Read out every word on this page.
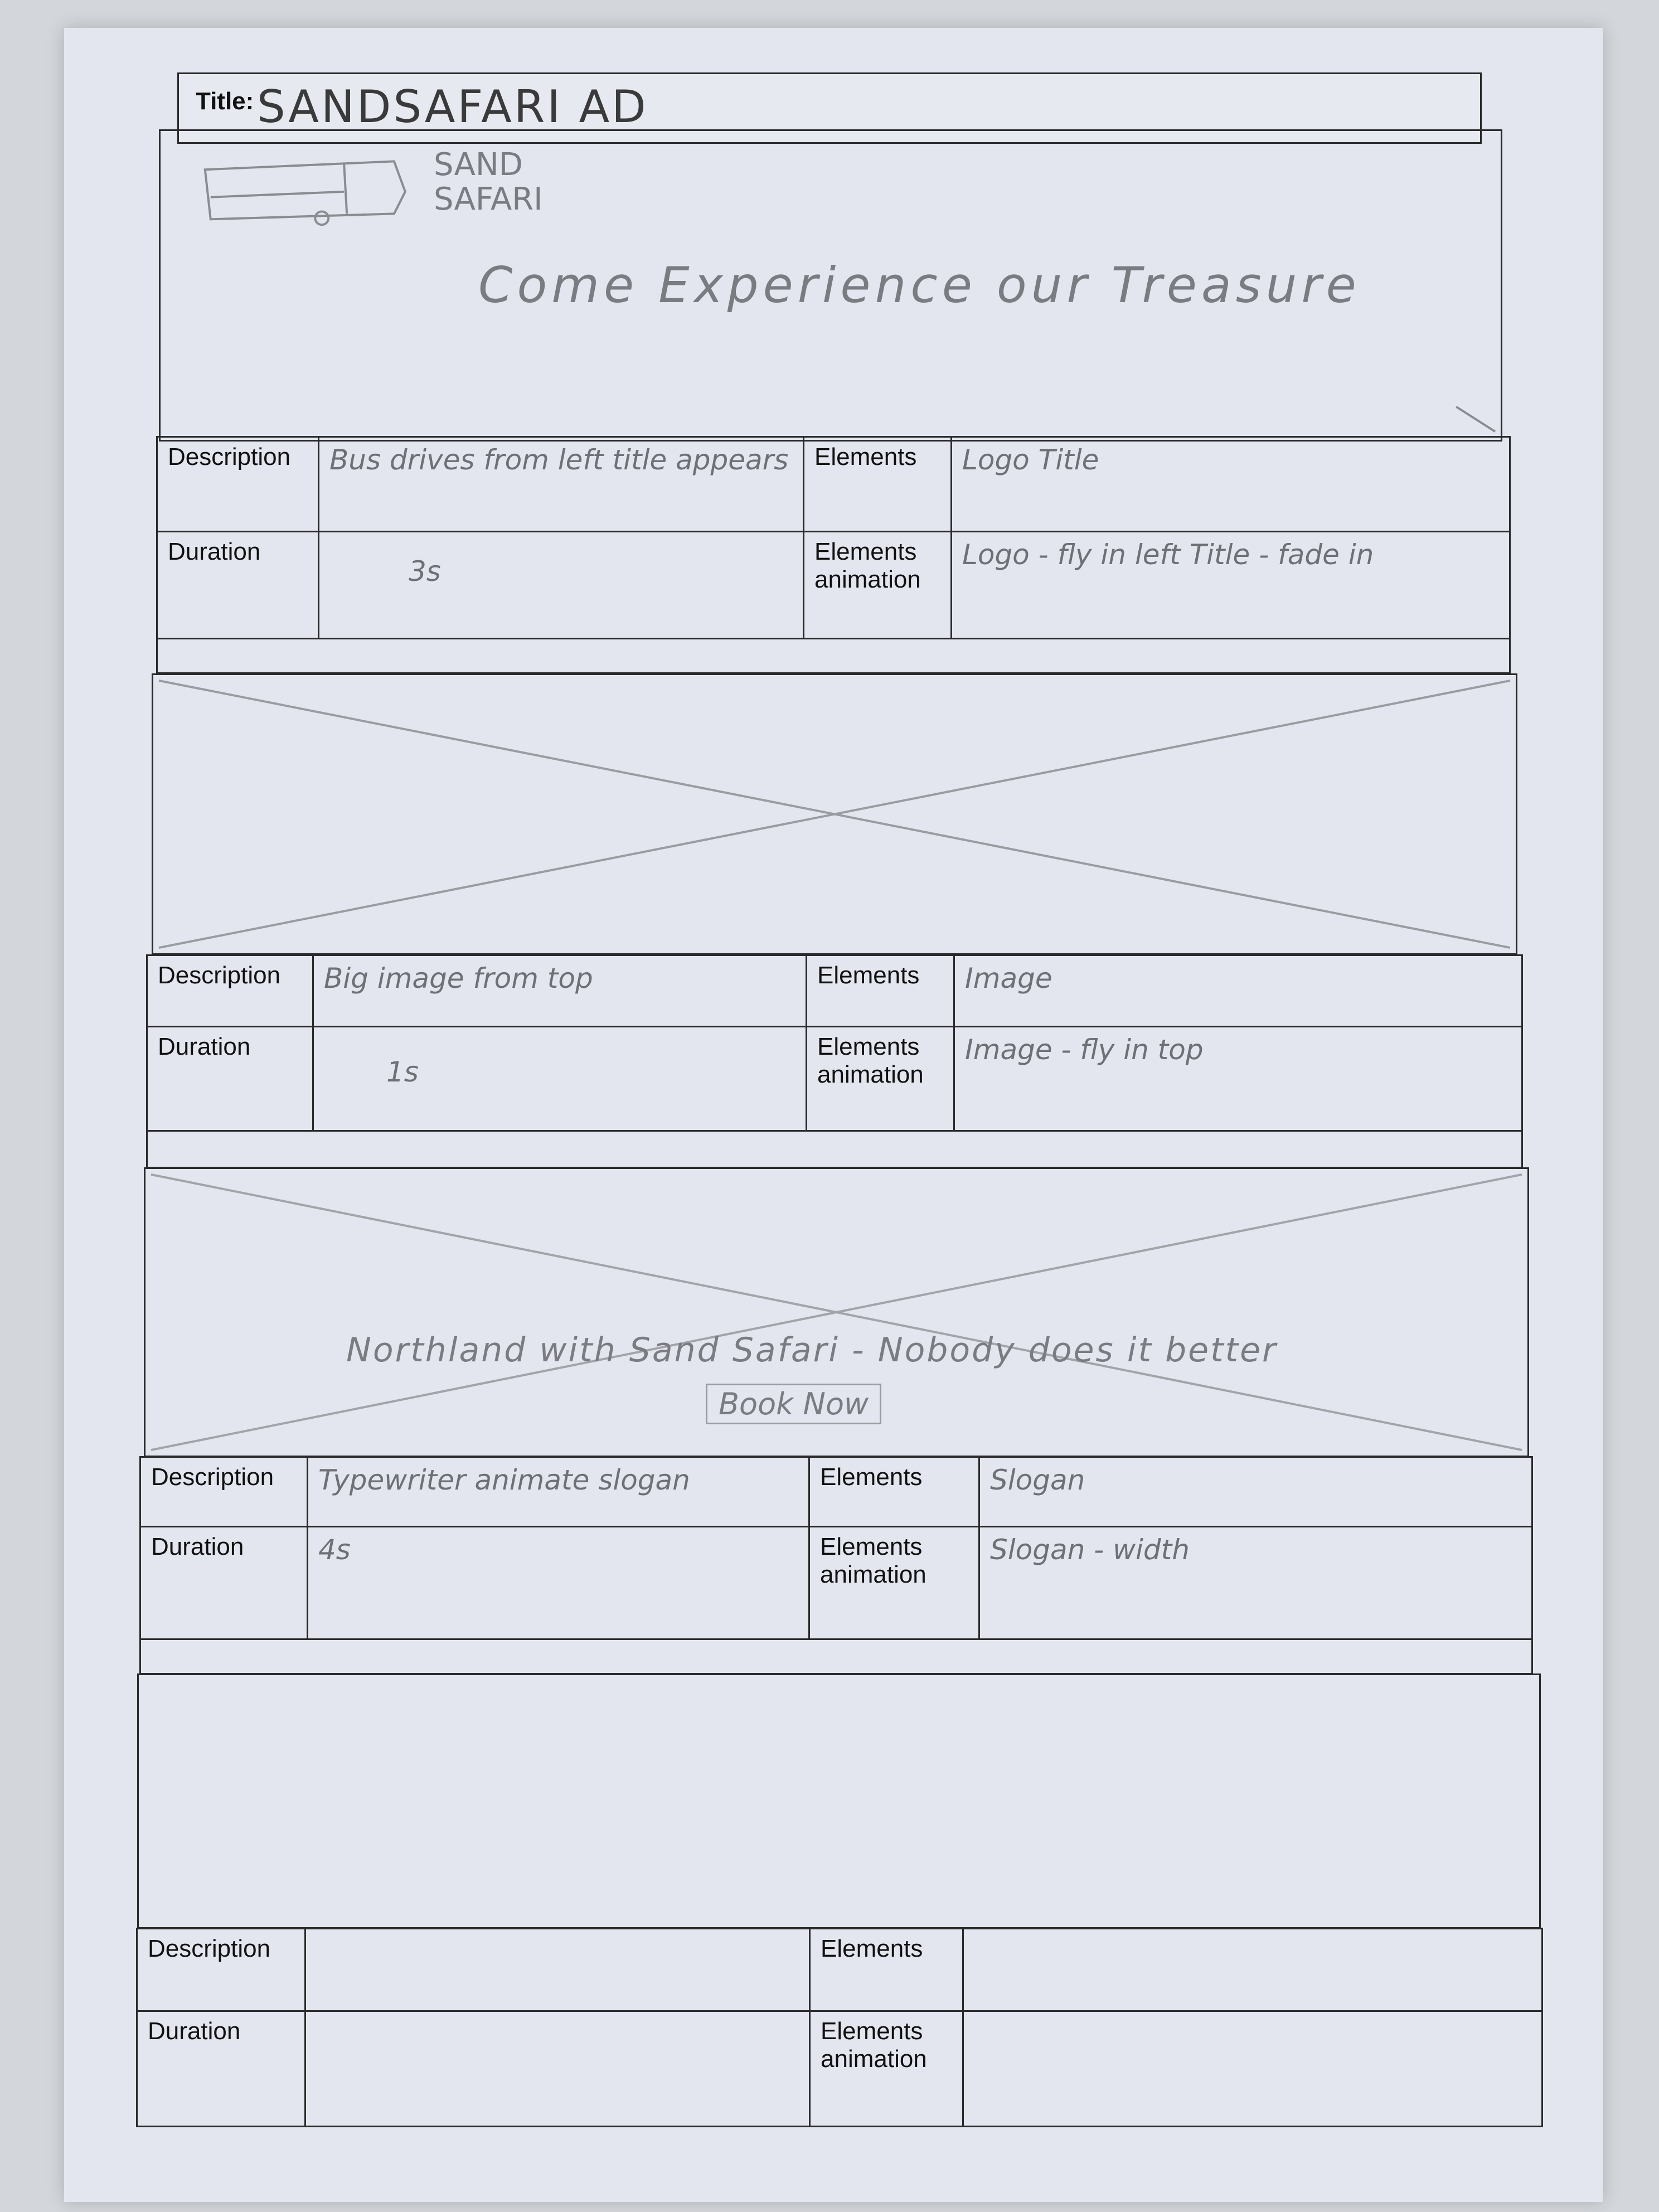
Title: SANDSAFARI AD
SAND
SAFARI
Come Experience our Treasure
Description	Bus drives from left title appears	Elements	Logo Title
Duration	3s	Elements animation	Logo - fly in left Title - fade in
Description	Big image from top	Elements	Image
Duration	1s	Elements animation	Image - fly in top
Northland with Sand Safari - Nobody does it better
Book Now
Description	Typewriter animate slogan	Elements	Slogan
Duration	4s	Elements animation	Slogan - width
Description		Elements	
Duration		Elements animation	
